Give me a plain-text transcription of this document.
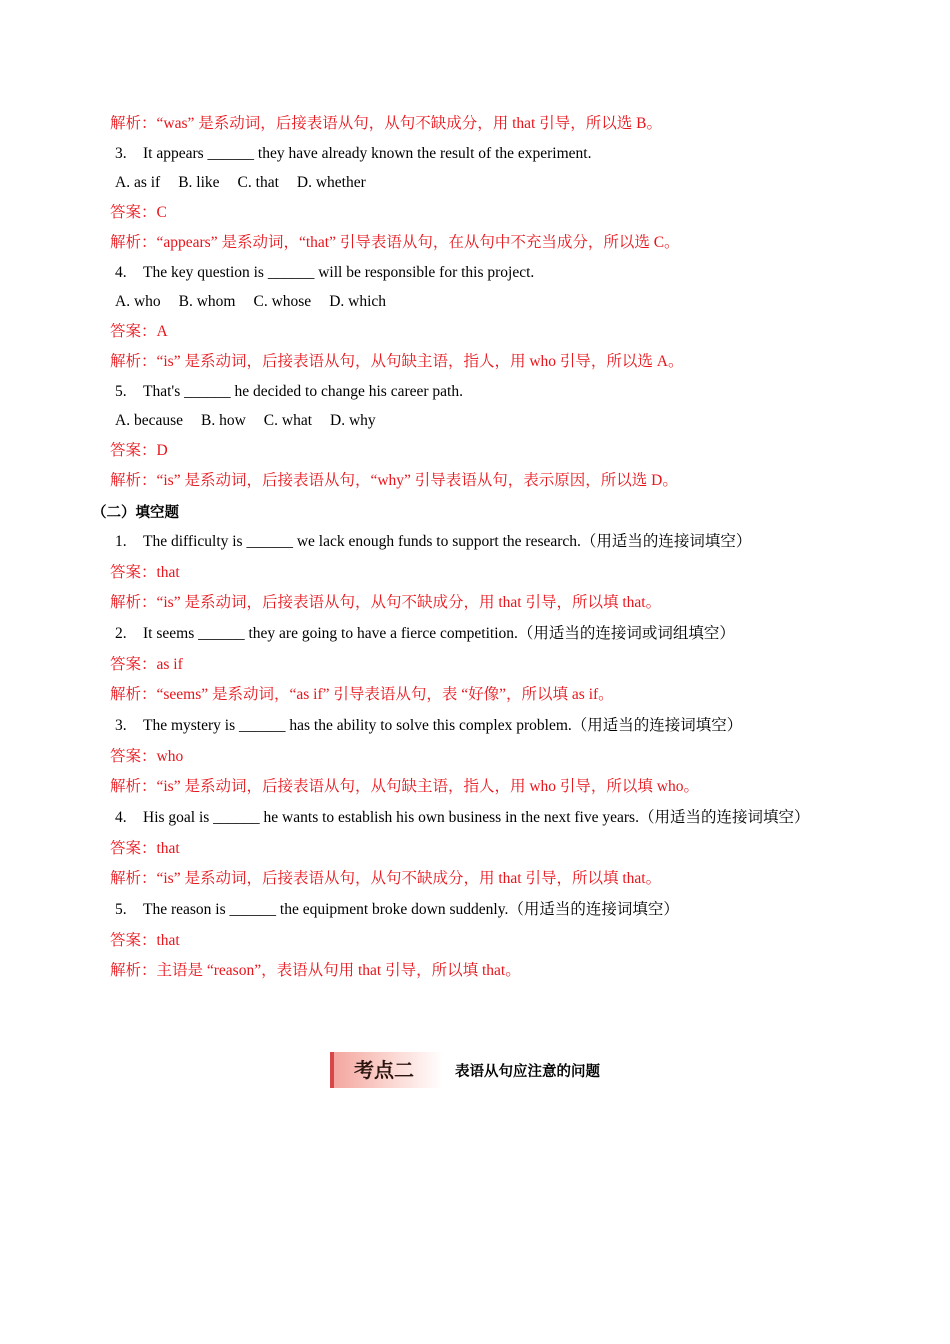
解析：“was” 是系动词，后接表语从句，从句不缺成分，用 that 引导，所以选 B。
3. It appears ______ they have already known the result of the experiment.
A. as if B. like C. that D. whether
答案：C
解析：“appears” 是系动词，“that” 引导表语从句，在从句中不充当成分，所以选 C。
4. The key question is ______ will be responsible for this project.
A. who B. whom C. whose D. which
答案：A
解析：“is” 是系动词，后接表语从句，从句缺主语，指人，用 who 引导，所以选 A。
5. That's ______ he decided to change his career path.
A. because B. how C. what D. why
答案：D
解析：“is” 是系动词，后接表语从句，“why” 引导表语从句，表示原因，所以选 D。
（二）填空题
1. The difficulty is ______ we lack enough funds to support the research.（用适当的连接词填空）
答案：that
解析：“is” 是系动词，后接表语从句，从句不缺成分，用 that 引导，所以填 that。
2. It seems ______ they are going to have a fierce competition.（用适当的连接词或词组填空）
答案：as if
解析：“seems” 是系动词，“as if” 引导表语从句，表 “好像”，所以填 as if。
3. The mystery is ______ has the ability to solve this complex problem.（用适当的连接词填空）
答案：who
解析：“is” 是系动词，后接表语从句，从句缺主语，指人，用 who 引导，所以填 who。
4. His goal is ______ he wants to establish his own business in the next five years.（用适当的连接词填空）
答案：that
解析：“is” 是系动词，后接表语从句，从句不缺成分，用 that 引导，所以填 that。
5. The reason is ______ the equipment broke down suddenly.（用适当的连接词填空）
答案：that
解析：主语是 “reason”，表语从句用 that 引导，所以填 that。
考点二	表语从句应注意的问题
